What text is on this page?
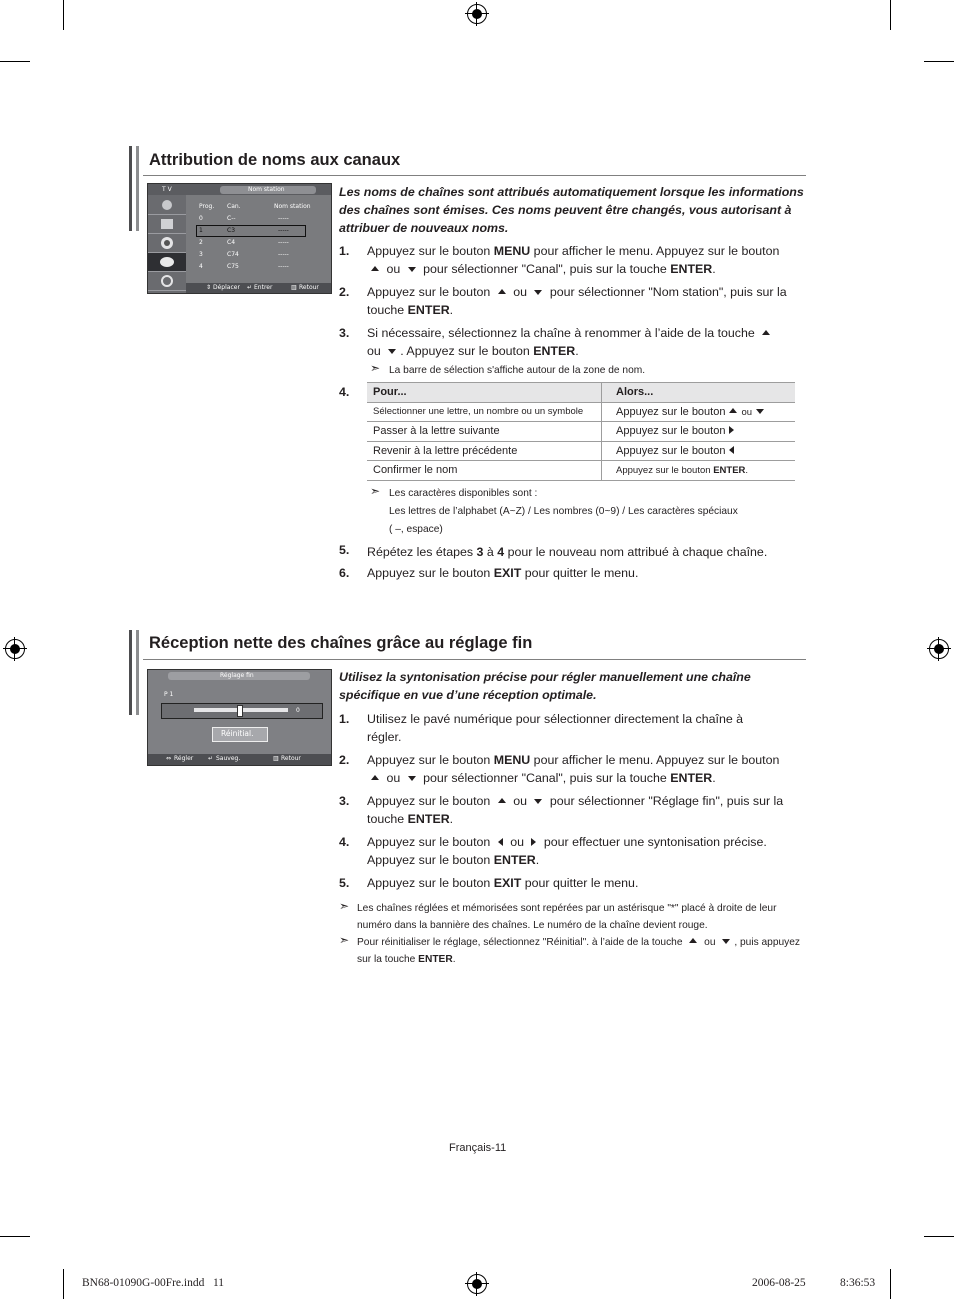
Attribution de noms aux canaux
T V	Nom station
Prog. Can.	Nom station
0	C--	-----
1	C3	-----
2	C4	-----
3	C74	-----
4	C75	-----
⇕ Déplacer ↵ Entrer	▥ Retour
Les noms de chaînes sont attribués automatiquement lorsque les informations des chaînes sont émises. Ces noms peuvent être changés, vous autorisant à attribuer de nouveaux noms.
1. Appuyez sur le bouton MENU pour afficher le menu. Appuyez sur le bouton  ou  pour sélectionner "Canal", puis sur la touche ENTER.
2. Appuyez sur le bouton  ou  pour sélectionner "Nom station", puis sur la touche ENTER.
3. Si nécessaire, sélectionnez la chaîne à renommer à l’aide de la touche  ou . Appuyez sur le bouton ENTER.
➣ La barre de sélection s'affiche autour de la zone de nom.
4. Pour...	Alors...
Sélectionner une lettre, un nombre ou un symbole	Appuyez sur le bouton ou
Passer à la lettre suivante	Appuyez sur le bouton
Revenir à la lettre précédente	Appuyez sur le bouton
Confirmer le nom	Appuyez sur le bouton ENTER.
➣ Les caractères disponibles sont :
Les lettres de l’alphabet (A~Z) / Les nombres (0~9) / Les caractères spéciaux
( –, espace)
5. Répétez les étapes 3 à 4 pour le nouveau nom attribué à chaque chaîne.
6. Appuyez sur le bouton EXIT pour quitter le menu.
Réception nette des chaînes grâce au réglage fin
Réglage fin
P 1
0
Réinitial.
⇔ Régler ↵ Sauveg.	▥ Retour
Utilisez la syntonisation précise pour régler manuellement une chaîne spécifique en vue d’une réception optimale.
1. Utilisez le pavé numérique pour sélectionner directement la chaîne à régler.
2. Appuyez sur le bouton MENU pour afficher le menu. Appuyez sur le bouton  ou  pour sélectionner "Canal", puis sur la touche ENTER.
3. Appuyez sur le bouton  ou  pour sélectionner "Réglage fin", puis sur la touche ENTER.
4. Appuyez sur le bouton  ou  pour effectuer une syntonisation précise. Appuyez sur le bouton ENTER.
5. Appuyez sur le bouton EXIT pour quitter le menu.
➣ Les chaînes réglées et mémorisées sont repérées par un astérisque "*" placé à droite de leur numéro dans la bannière des chaînes. Le numéro de la chaîne devient rouge.
➣ Pour réinitialiser le réglage, sélectionnez "Réinitial". à l’aide de la touche  ou , puis appuyez sur la touche ENTER.
Français-11
BN68-01090G-00Fre.indd   11	2006-08-25	8:36:53
